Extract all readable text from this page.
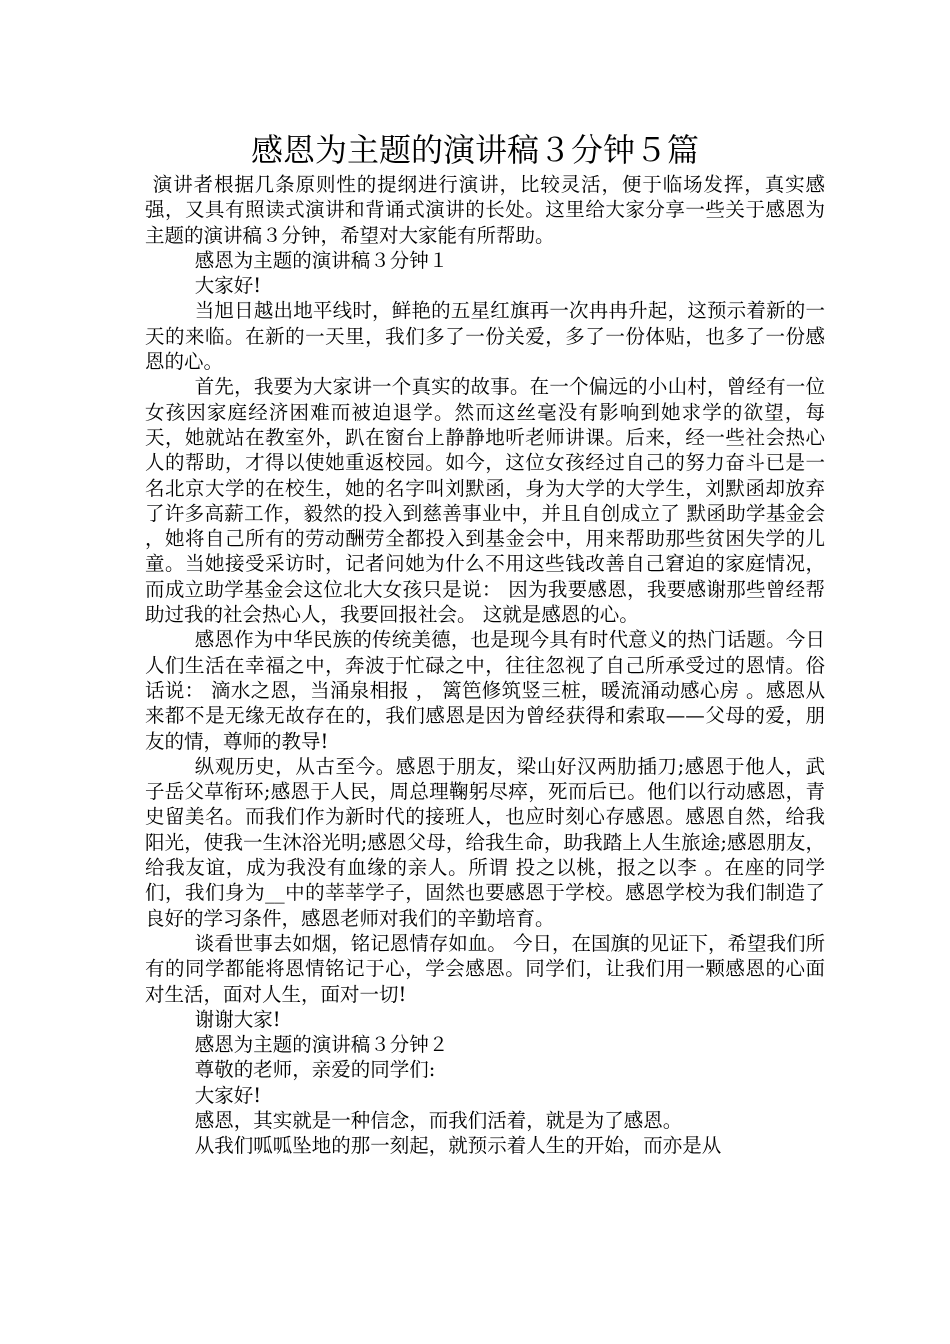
感恩为主题的演讲稿３分钟５篇

演讲者根据几条原则性的提纲进行演讲，比较灵活，便于临场发挥，真实感强，又具有照读式演讲和背诵式演讲的长处。这里给大家分享一些关于感恩为主题的演讲稿３分钟，希望对大家能有所帮助。

感恩为主题的演讲稿３分钟１

大家好!

当旭日越出地平线时，鲜艳的五星红旗再一次冉冉升起，这预示着新的一天的来临。在新的一天里，我们多了一份关爱，多了一份体贴，也多了一份感恩的心。

首先，我要为大家讲一个真实的故事。在一个偏远的小山村，曾经有一位女孩因家庭经济困难而被迫退学。然而这丝毫没有影响到她求学的欲望，每天，她就站在教室外，趴在窗台上静静地听老师讲课。后来，经一些社会热心人的帮助，才得以使她重返校园。如今，这位女孩经过自己的努力奋斗已是一名北京大学的在校生，她的名字叫刘默函，身为大学的大学生，刘默函却放弃了许多高薪工作，毅然的投入到慈善事业中，并且自创成立了 默函助学基金会 ，她将自己所有的劳动酬劳全都投入到基金会中，用来帮助那些贫困失学的儿童。当她接受采访时，记者问她为什么不用这些钱改善自己窘迫的家庭情况，而成立助学基金会这位北大女孩只是说： 因为我要感恩，我要感谢那些曾经帮助过我的社会热心人，我要回报社会。 这就是感恩的心。

感恩作为中华民族的传统美德，也是现今具有时代意义的热门话题。今日人们生活在幸福之中，奔波于忙碌之中，往往忽视了自己所承受过的恩情。俗话说： 滴水之恩，当涌泉相报 ， 篱笆修筑竖三桩，暖流涌动感心房 。感恩从来都不是无缘无故存在的，我们感恩是因为曾经获得和索取——父母的爱，朋友的情，尊师的教导!

纵观历史，从古至今。感恩于朋友，梁山好汉两肋插刀;感恩于他人，武子岳父草衔环;感恩于人民，周总理鞠躬尽瘁，死而后已。他们以行动感恩，青史留美名。而我们作为新时代的接班人，也应时刻心存感恩。感恩自然，给我阳光，使我一生沐浴光明;感恩父母，给我生命，助我踏上人生旅途;感恩朋友，给我友谊，成为我没有血缘的亲人。所谓 投之以桃，报之以李 。在座的同学们，我们身为__中的莘莘学子，固然也要感恩于学校。感恩学校为我们制造了良好的学习条件，感恩老师对我们的辛勤培育。

谈看世事去如烟，铭记恩情存如血。 今日，在国旗的见证下，希望我们所有的同学都能将恩情铭记于心，学会感恩。同学们，让我们用一颗感恩的心面对生活，面对人生，面对一切!

谢谢大家!

感恩为主题的演讲稿３分钟２

尊敬的老师，亲爱的同学们:

大家好!

感恩，其实就是一种信念，而我们活着，就是为了感恩。

从我们呱呱坠地的那一刻起，就预示着人生的开始，而亦是从
